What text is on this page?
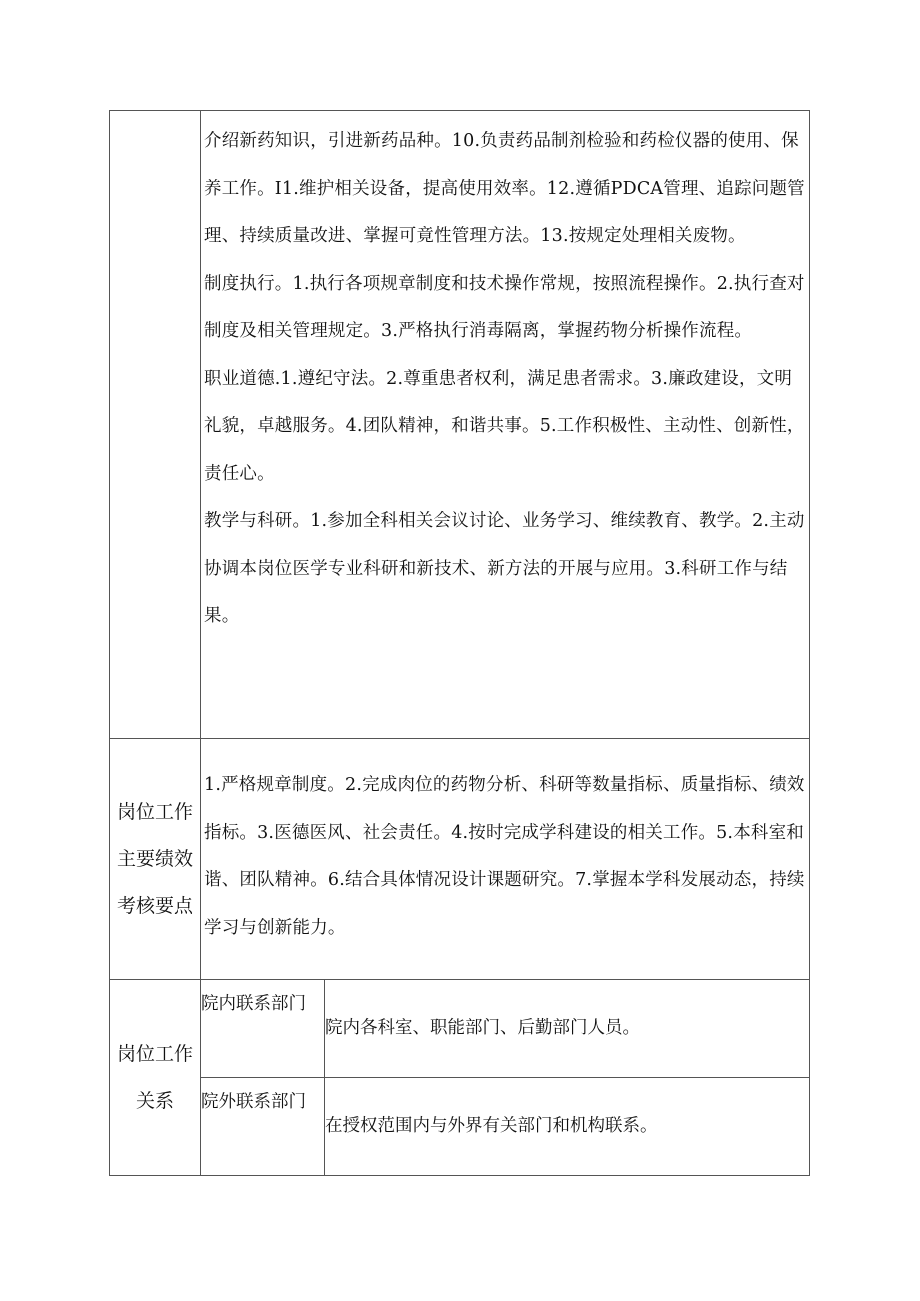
	介绍新药知识，引进新药品种。10.负责药品制剂检验和药检仪器的使用、保养工作。I1.维护相关设备，提高使用效率。12.遵循PDCA管理、追踪问题管理、持续质量改进、掌握可竟性管理方法。13.按规定处理相关废物。
制度执行。1.执行各项规章制度和技术操作常规，按照流程操作。2.执行查对制度及相关管理规定。3.严格执行消毒隔离，掌握药物分析操作流程。
职业道德.1.遵纪守法。2.尊重患者权利，满足患者需求。3.廉政建设，文明礼貌，卓越服务。4.团队精神，和谐共事。5.工作积极性、主动性、创新性，责任心。
教学与科研。1.参加全科相关会议讨论、业务学习、维续教育、教学。2.主动协调本岗位医学专业科研和新技术、新方法的开展与应用。3.科研工作与结果。	

岗位工作主要绩效考核要点	1.严格规章制度。2.完成肉位的药物分析、科研等数量指标、质量指标、绩效指标。3.医德医风、社会责任。4.按时完成学科建设的相关工作。5.本科室和谐、团队精神。6.结合具体情况设计课题研究。7.掌握本学科发展动态，持续学习与创新能力。	

岗位工作关系	院内联系部门	院内各科室、职能部门、后勤部门人员。
	院外联系部门	在授权范围内与外界有关部门和机构联系。
